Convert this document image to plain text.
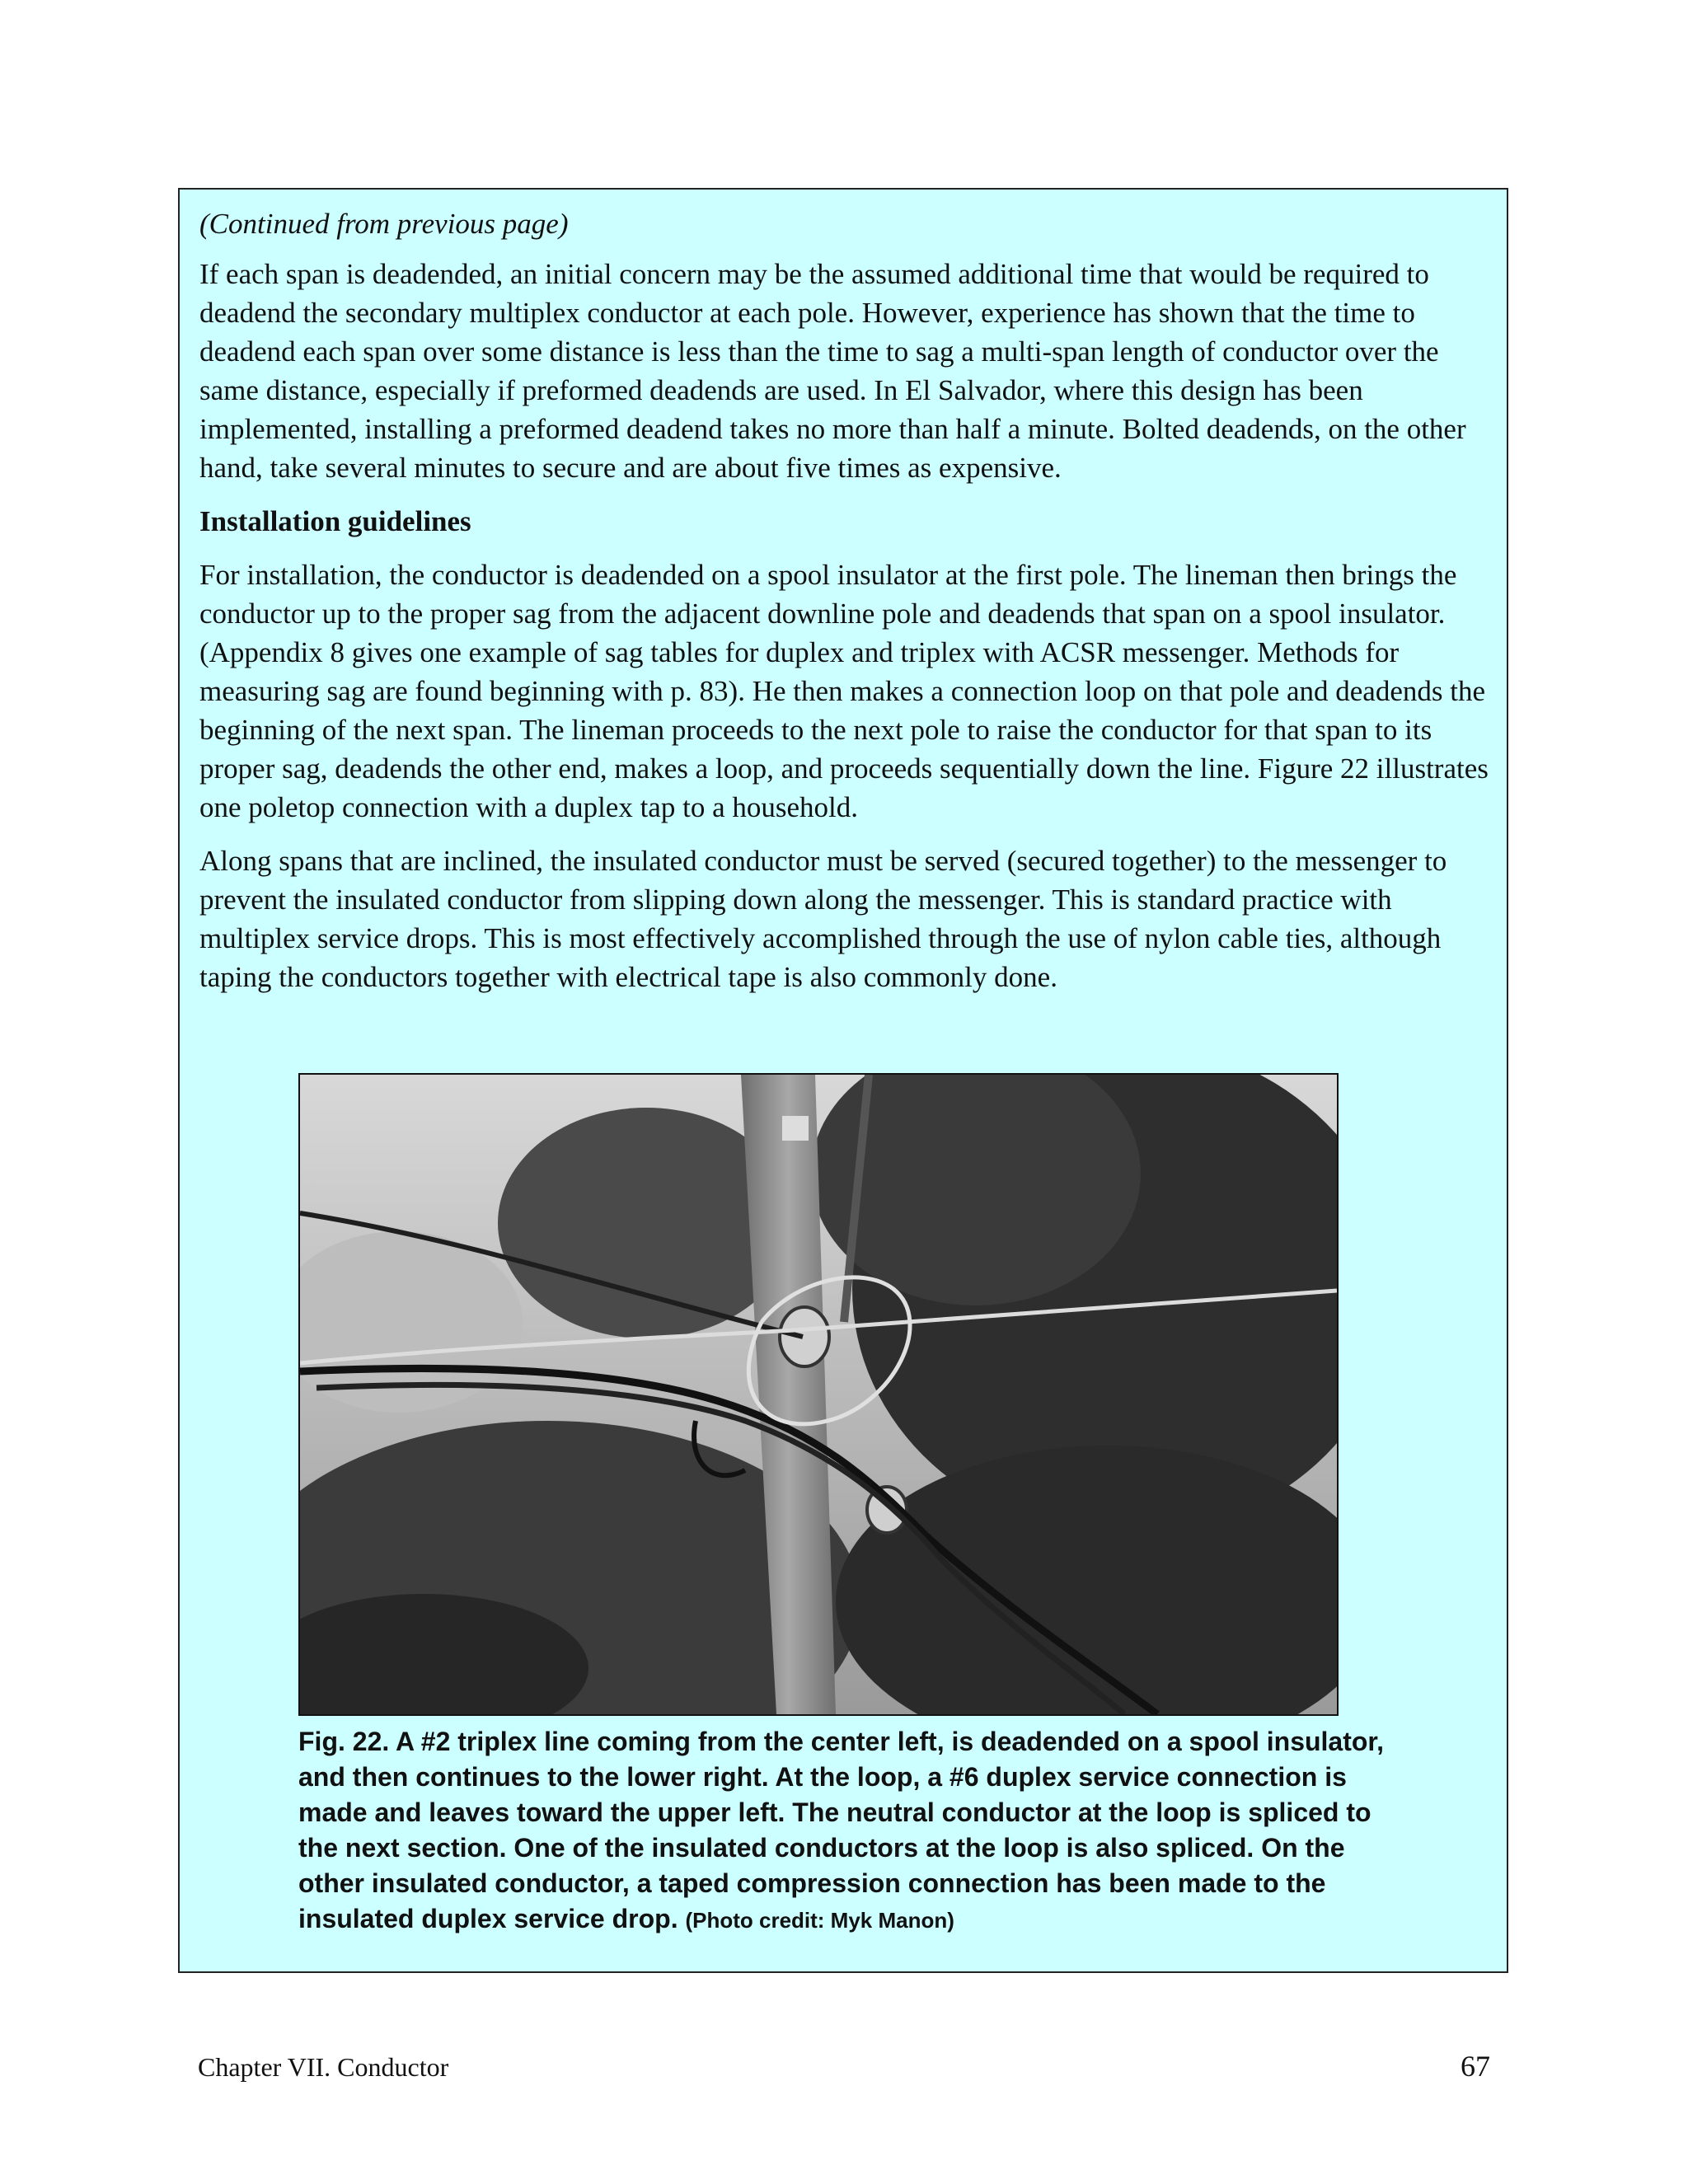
(Continued from previous page)

If each span is deadended, an initial concern may be the assumed additional time that would be required to deadend the secondary multiplex conductor at each pole. However, experience has shown that the time to deadend each span over some distance is less than the time to sag a multi-span length of conductor over the same distance, especially if preformed deadends are used. In El Salvador, where this design has been implemented, installing a preformed deadend takes no more than half a minute. Bolted deadends, on the other hand, take several minutes to secure and are about five times as expensive.

Installation guidelines

For installation, the conductor is deadended on a spool insulator at the first pole. The lineman then brings the conductor up to the proper sag from the adjacent downline pole and deadends that span on a spool insulator. (Appendix 8 gives one example of sag tables for duplex and triplex with ACSR messenger. Methods for measuring sag are found beginning with p. 83). He then makes a connection loop on that pole and deadends the beginning of the next span. The lineman proceeds to the next pole to raise the conductor for that span to its proper sag, deadends the other end, makes a loop, and proceeds sequentially down the line. Figure 22 illustrates one poletop connection with a duplex tap to a household.

Along spans that are inclined, the insulated conductor must be served (secured together) to the messenger to prevent the insulated conductor from slipping down along the messenger. This is standard practice with multiplex service drops. This is most effectively accomplished through the use of nylon cable ties, although taping the conductors together with electrical tape is also commonly done.

Fig. 22. A #2 triplex line coming from the center left, is deadended on a spool insulator, and then continues to the lower right. At the loop, a #6 duplex service connection is made and leaves toward the upper left. The neutral conductor at the loop is spliced to the next section. One of the insulated conductors at the loop is also spliced. On the other insulated conductor, a taped compression connection has been made to the insulated duplex service drop. (Photo credit: Myk Manon)
Chapter VII. Conductor	67
